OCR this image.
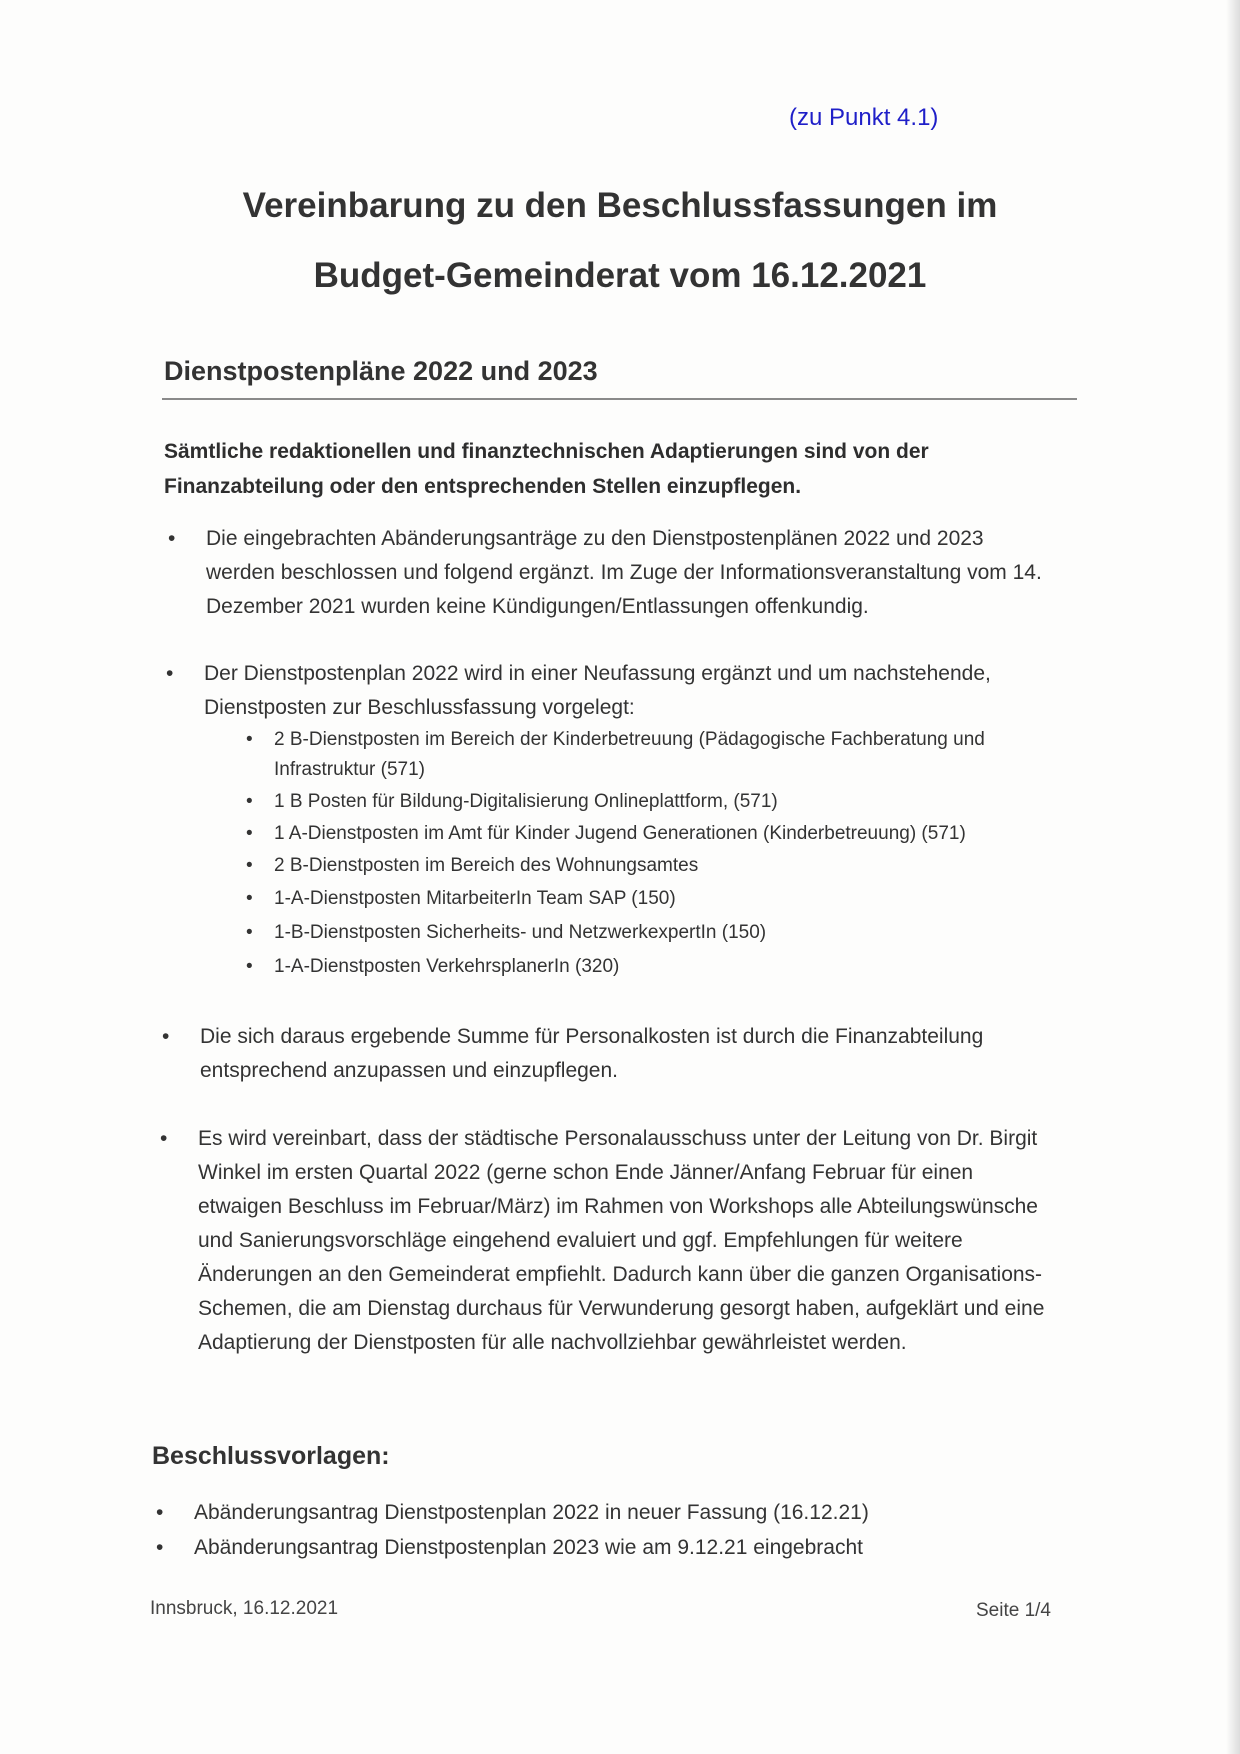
(zu Punkt 4.1)
Vereinbarung zu den Beschlussfassungen im
Budget-Gemeinderat vom 16.12.2021
Dienstpostenpläne 2022 und 2023
Sämtliche redaktionellen und finanztechnischen Adaptierungen sind von der Finanzabteilung oder den entsprechenden Stellen einzupflegen.
• Die eingebrachten Abänderungsanträge zu den Dienstpostenplänen 2022 und 2023 werden beschlossen und folgend ergänzt. Im Zuge der Informationsveranstaltung vom 14. Dezember 2021 wurden keine Kündigungen/Entlassungen offenkundig.
• Der Dienstpostenplan 2022 wird in einer Neufassung ergänzt und um nachstehende, Dienstposten zur Beschlussfassung vorgelegt:
• 2 B-Dienstposten im Bereich der Kinderbetreuung (Pädagogische Fachberatung und Infrastruktur (571)
• 1 B Posten für Bildung-Digitalisierung Onlineplattform, (571)
• 1 A-Dienstposten im Amt für Kinder Jugend Generationen (Kinderbetreuung) (571)
• 2 B-Dienstposten im Bereich des Wohnungsamtes
• 1-A-Dienstposten MitarbeiterIn Team SAP (150)
• 1-B-Dienstposten Sicherheits- und NetzwerkexpertIn (150)
• 1-A-Dienstposten VerkehrsplanerIn (320)
• Die sich daraus ergebende Summe für Personalkosten ist durch die Finanzabteilung entsprechend anzupassen und einzupflegen.
• Es wird vereinbart, dass der städtische Personalausschuss unter der Leitung von Dr. Birgit Winkel im ersten Quartal 2022 (gerne schon Ende Jänner/Anfang Februar für einen etwaigen Beschluss im Februar/März) im Rahmen von Workshops alle Abteilungswünsche und Sanierungsvorschläge eingehend evaluiert und ggf. Empfehlungen für weitere Änderungen an den Gemeinderat empfiehlt. Dadurch kann über die ganzen Organisations-Schemen, die am Dienstag durchaus für Verwunderung gesorgt haben, aufgeklärt und eine Adaptierung der Dienstposten für alle nachvollziehbar gewährleistet werden.
Beschlussvorlagen:
• Abänderungsantrag Dienstpostenplan 2022 in neuer Fassung (16.12.21)
• Abänderungsantrag Dienstpostenplan 2023 wie am 9.12.21 eingebracht
Innsbruck, 16.12.2021	Seite 1/4
